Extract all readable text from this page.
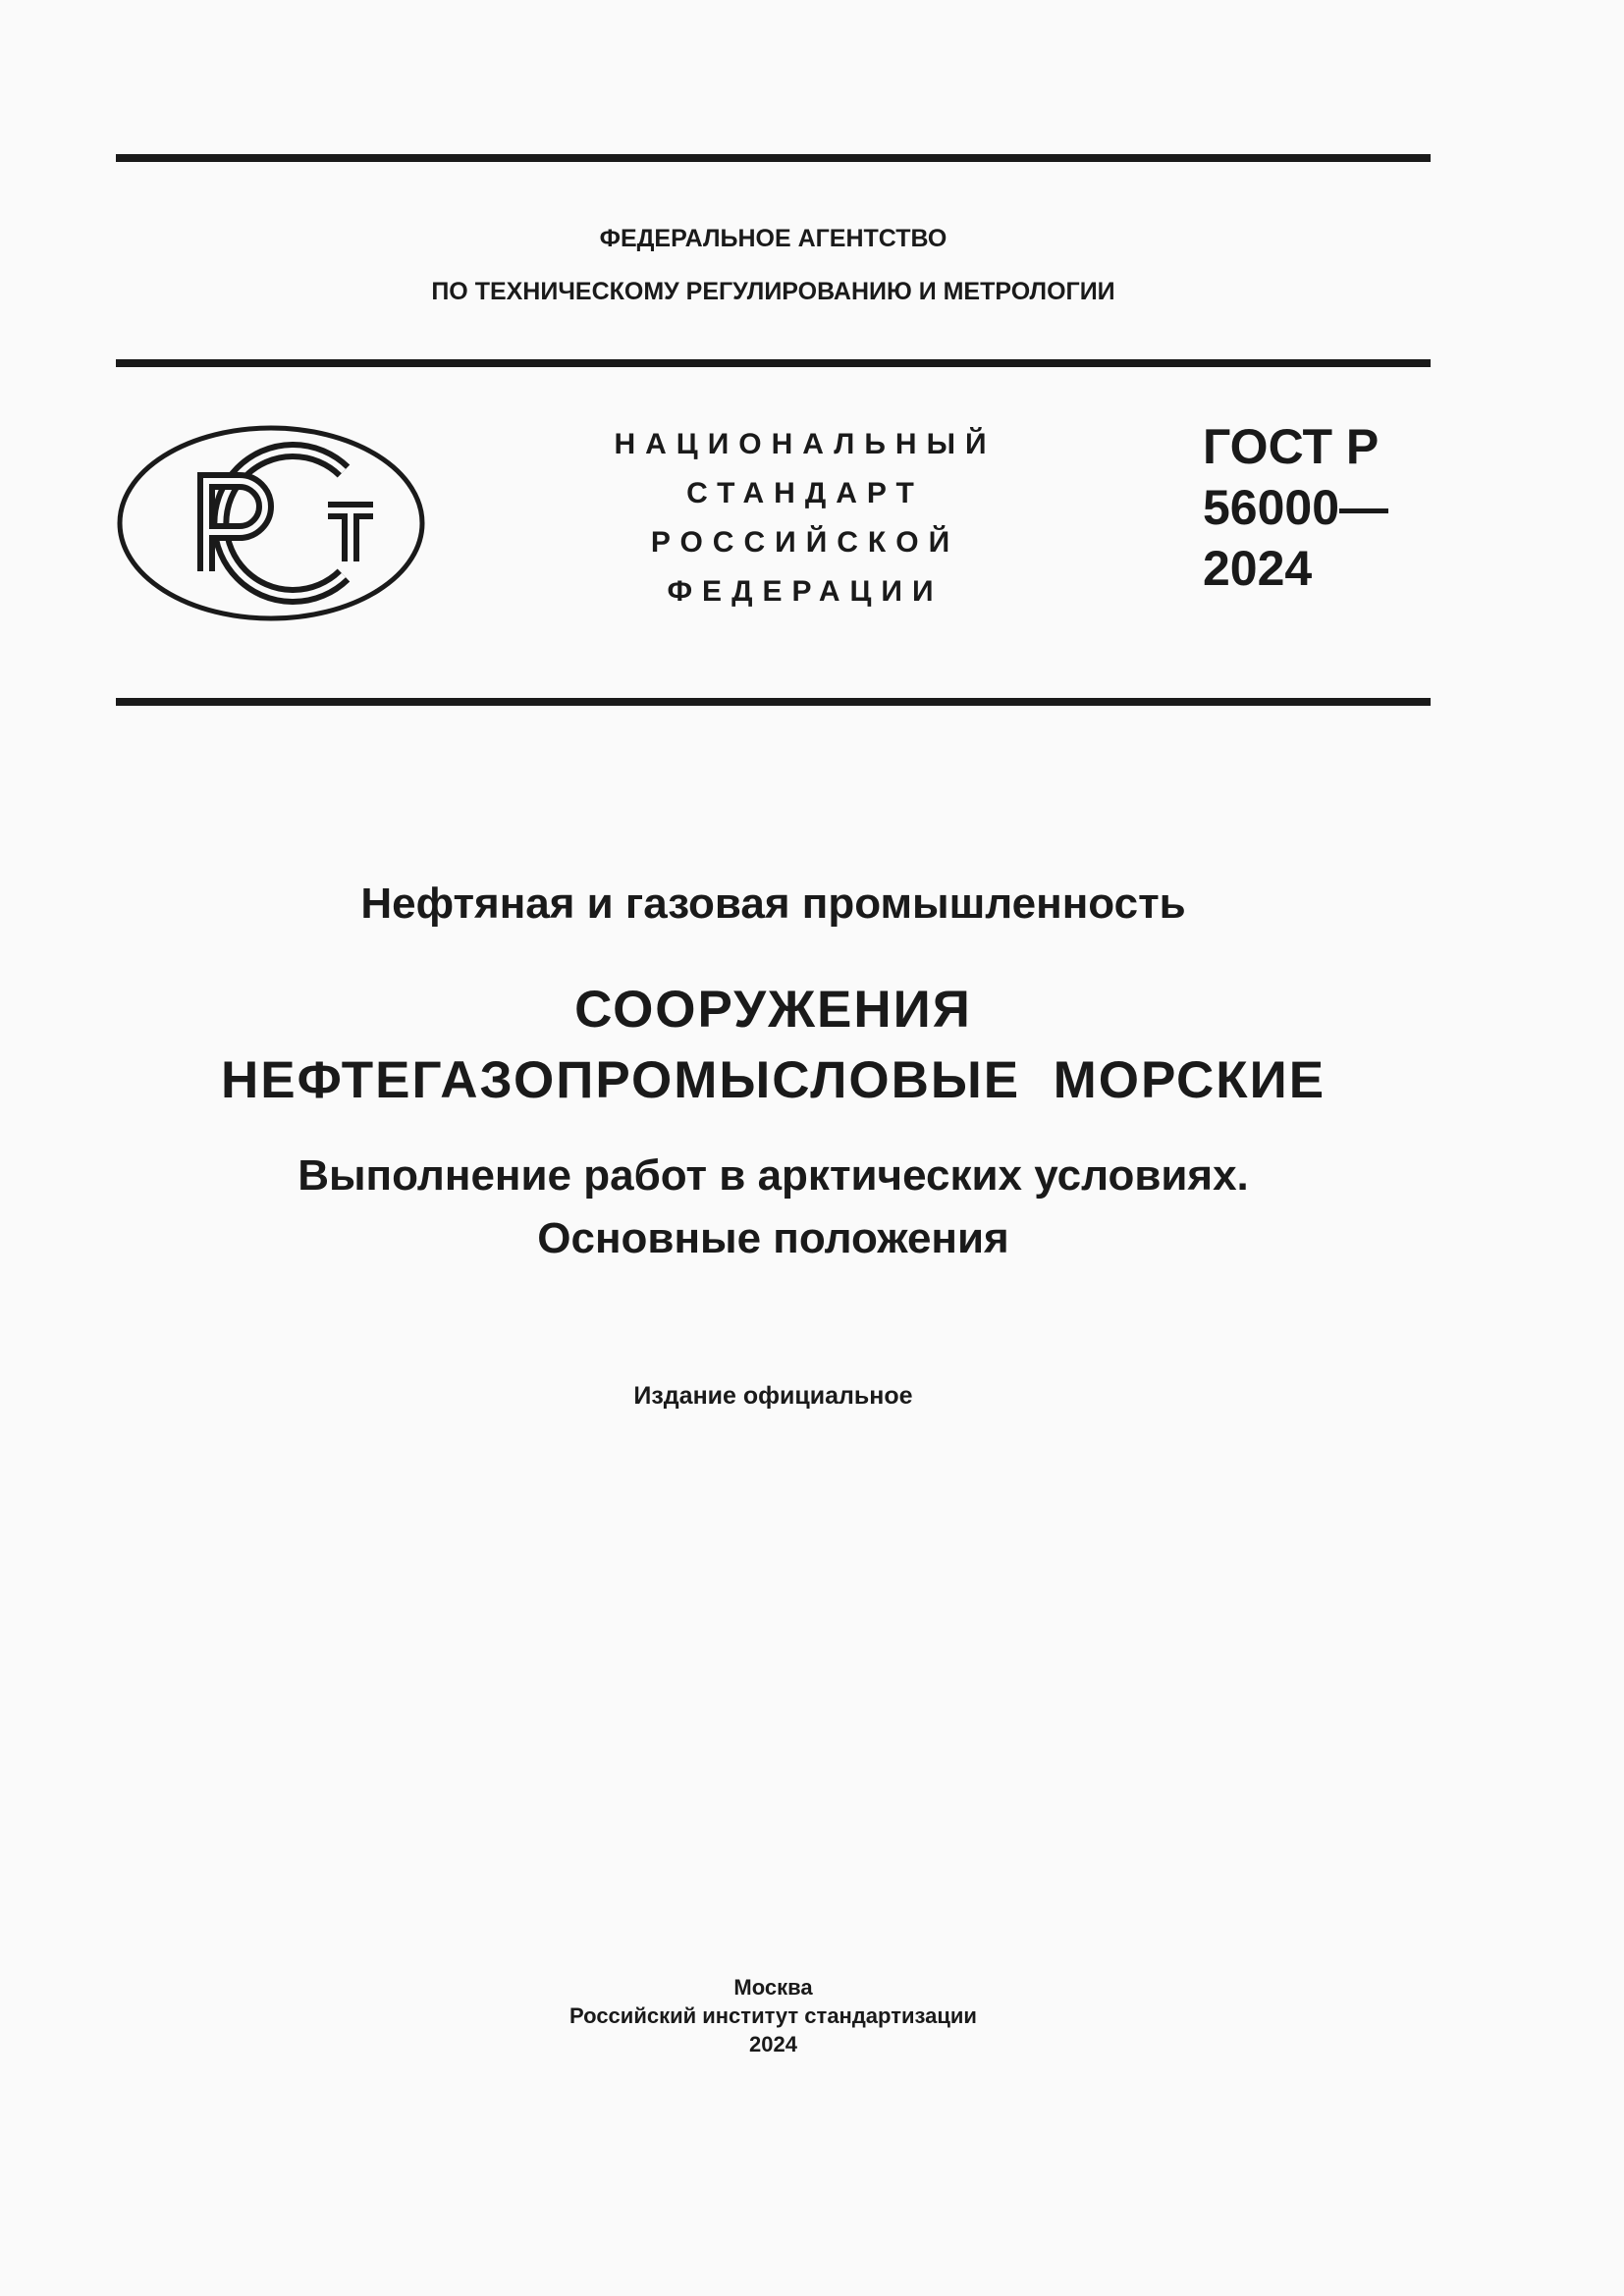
ФЕДЕРАЛЬНОЕ АГЕНТСТВО
ПО ТЕХНИЧЕСКОМУ РЕГУЛИРОВАНИЮ И МЕТРОЛОГИИ
НАЦИОНАЛЬНЫЙ
СТАНДАРТ
РОССИЙСКОЙ
ФЕДЕРАЦИИ
ГОСТ Р
56000—
2024
Нефтяная и газовая промышленность
СООРУЖЕНИЯ
НЕФТЕГАЗОПРОМЫСЛОВЫЕ  МОРСКИЕ
Выполнение работ в арктических условиях.
Основные положения
Издание официальное
Москва
Российский институт стандартизации
2024
